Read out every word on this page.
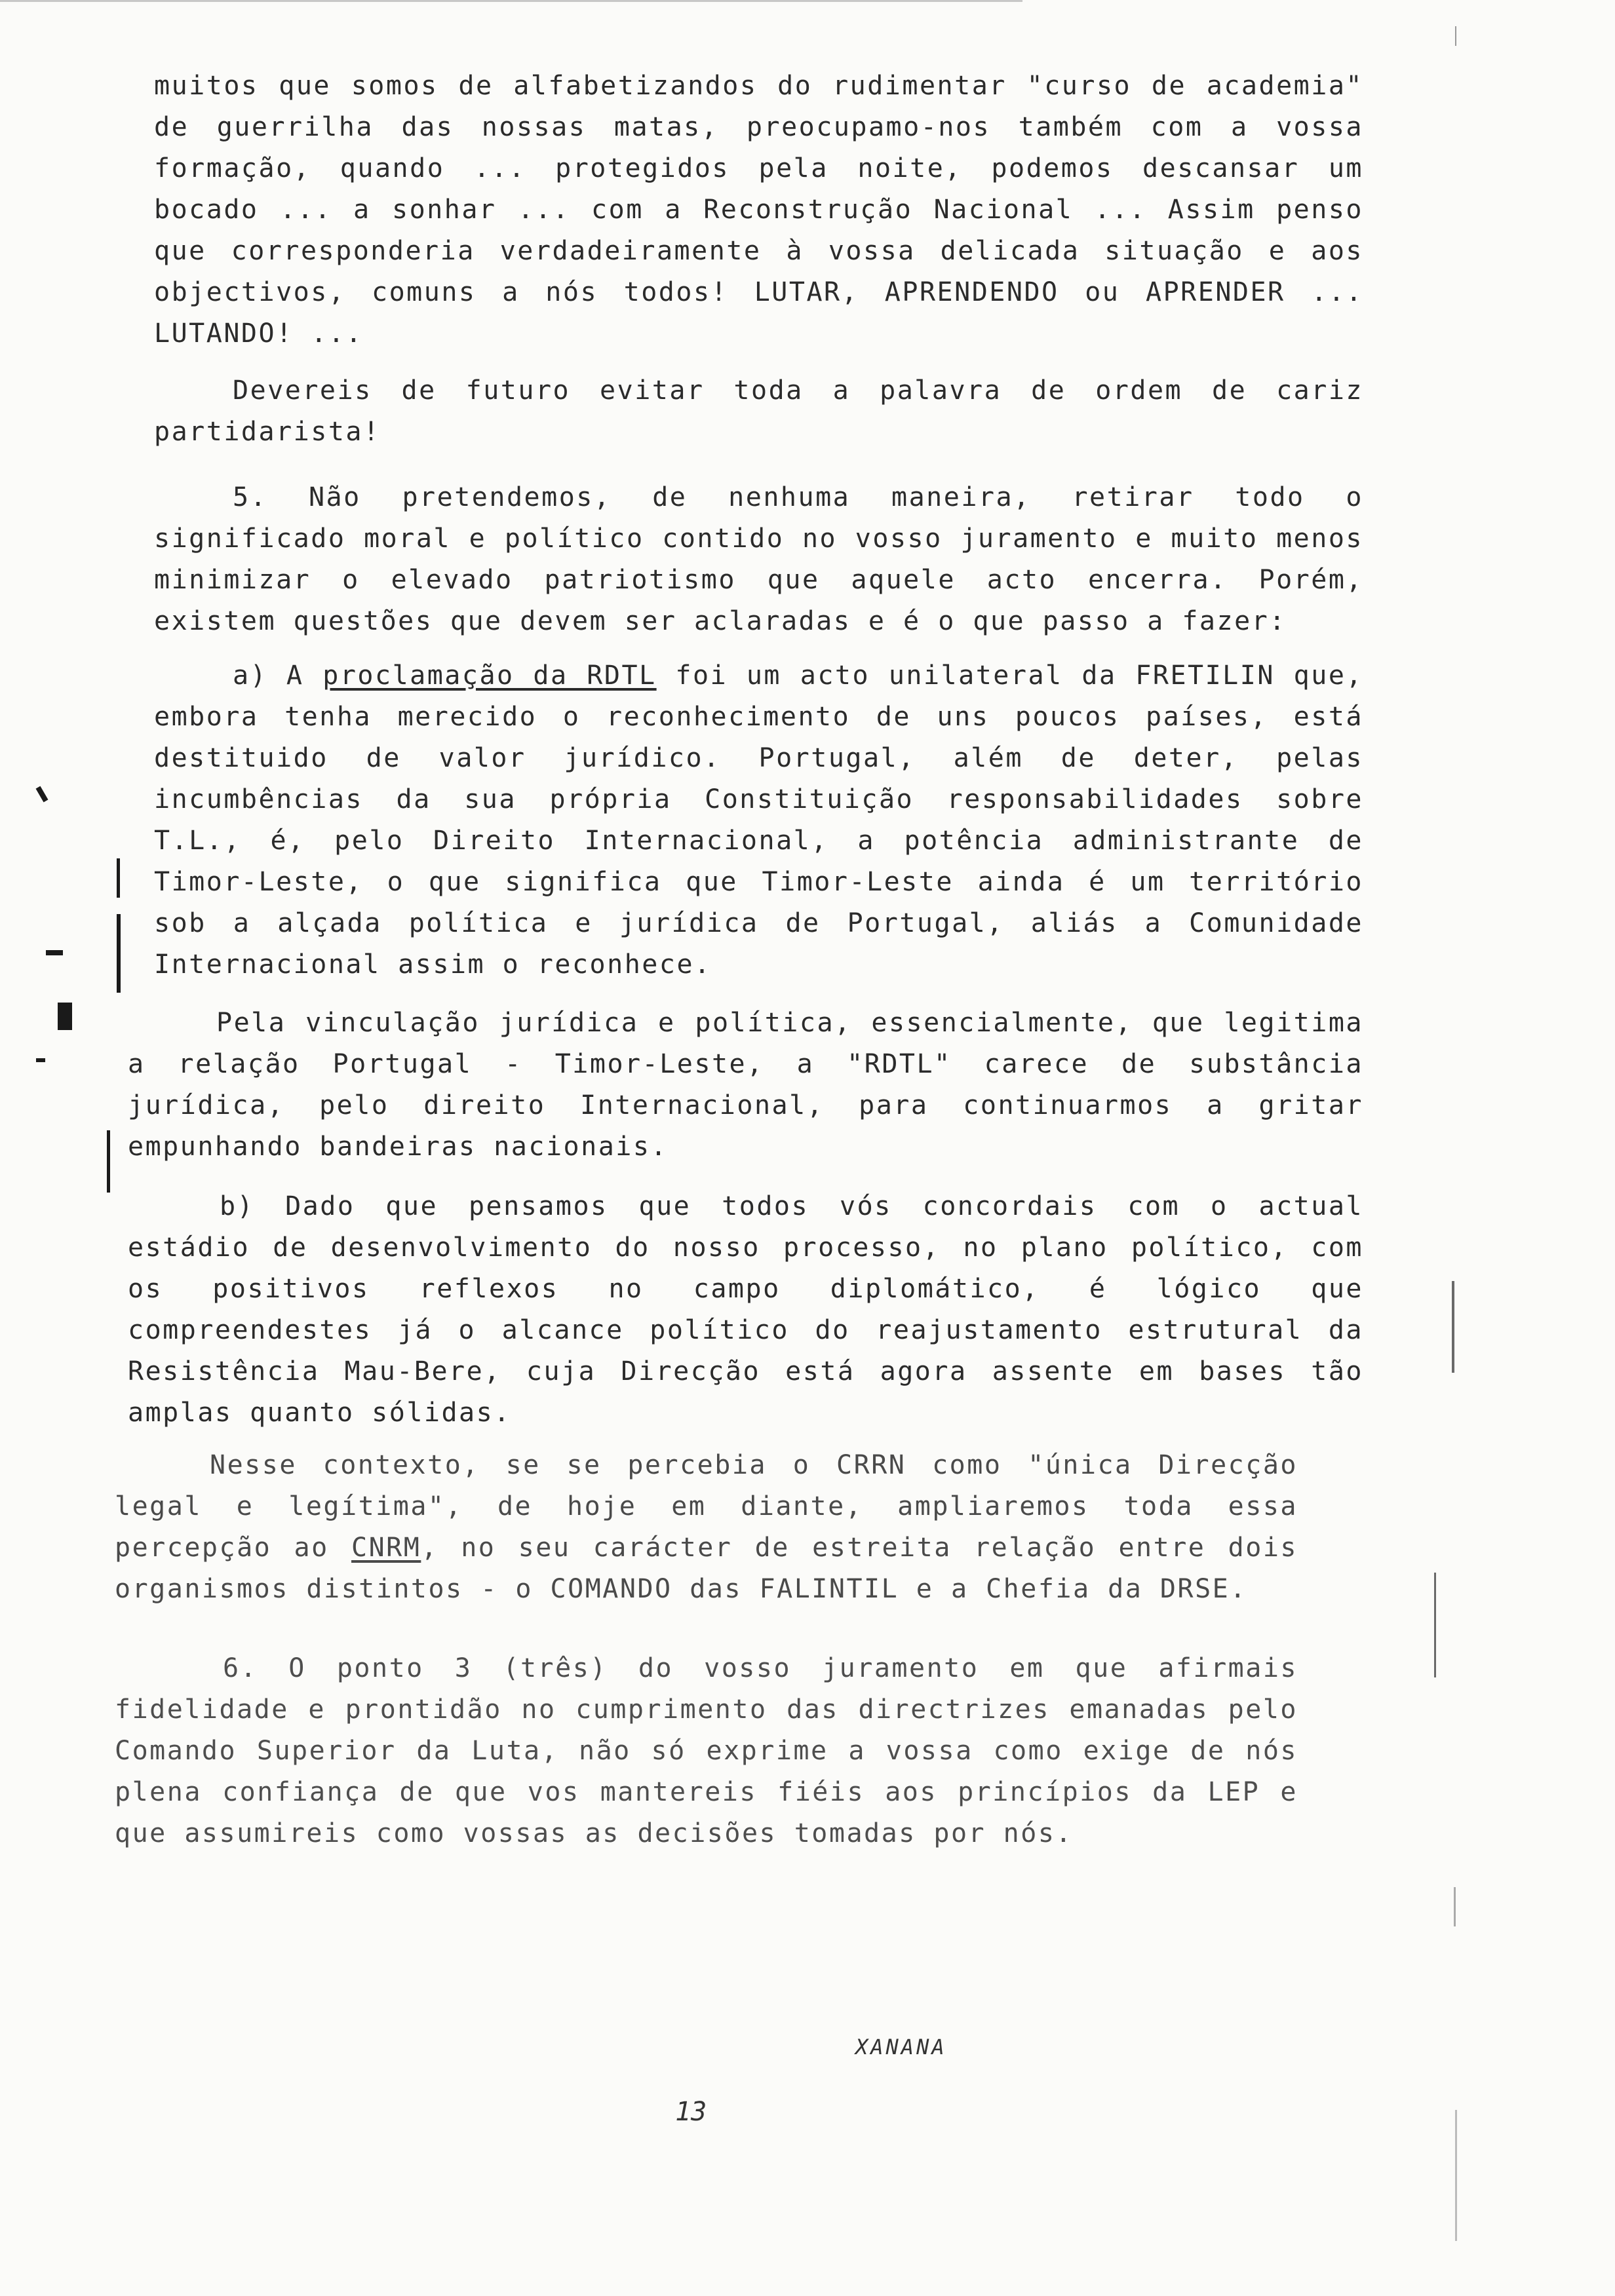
muitos que somos de alfabetizandos do rudimentar "curso de academia" de guerrilha das nossas matas, preocupamo-nos também com a vossa formação, quando ... protegidos pela noite, podemos descansar um bocado ... a sonhar ... com a Reconstrução Nacional ... Assim penso que corresponderia verdadeiramente à vossa delicada situação e aos objectivos, comuns a nós todos! LUTAR, APRENDENDO ou APRENDER ... LUTANDO! ...

Devereis de futuro evitar toda a palavra de ordem de cariz partidarista!

5. Não pretendemos, de nenhuma maneira, retirar todo o significado moral e político contido no vosso juramento e muito menos minimizar o elevado patriotismo que aquele acto encerra. Porém, existem questões que devem ser aclaradas e é o que passo a fazer:

a) A proclamação da RDTL foi um acto unilateral da FRETILIN que, embora tenha merecido o reconhecimento de uns poucos países, está destituido de valor jurídico. Portugal, além de deter, pelas incumbências da sua própria Constituição responsabilidades sobre T.L., é, pelo Direito Internacional, a potência administrante de Timor-Leste, o que significa que Timor-Leste ainda é um território sob a alçada política e jurídica de Portugal, aliás a Comunidade Internacional assim o reconhece.

Pela vinculação jurídica e política, essencialmente, que legitima a relação Portugal - Timor-Leste, a "RDTL" carece de substância jurídica, pelo direito Internacional, para continuarmos a gritar empunhando bandeiras nacionais.

b) Dado que pensamos que todos vós concordais com o actual estádio de desenvolvimento do nosso processo, no plano político, com os positivos reflexos no campo diplomático, é lógico que compreendestes já o alcance político do reajustamento estrutural da Resistência Mau-Bere, cuja Direcção está agora assente em bases tão amplas quanto sólidas.

Nesse contexto, se se percebia o CRRN como "única Direcção legal e legítima", de hoje em diante, ampliaremos toda essa percepção ao CNRM, no seu carácter de estreita relação entre dois organismos distintos - o COMANDO das FALINTIL e a Chefia da DRSE.

6. O ponto 3 (três) do vosso juramento em que afirmais fidelidade e prontidão no cumprimento das directrizes emanadas pelo Comando Superior da Luta, não só exprime a vossa como exige de nós plena confiança de que vos mantereis fiéis aos princípios da LEP e que assumireis como vossas as decisões tomadas por nós.

XANANA
13
